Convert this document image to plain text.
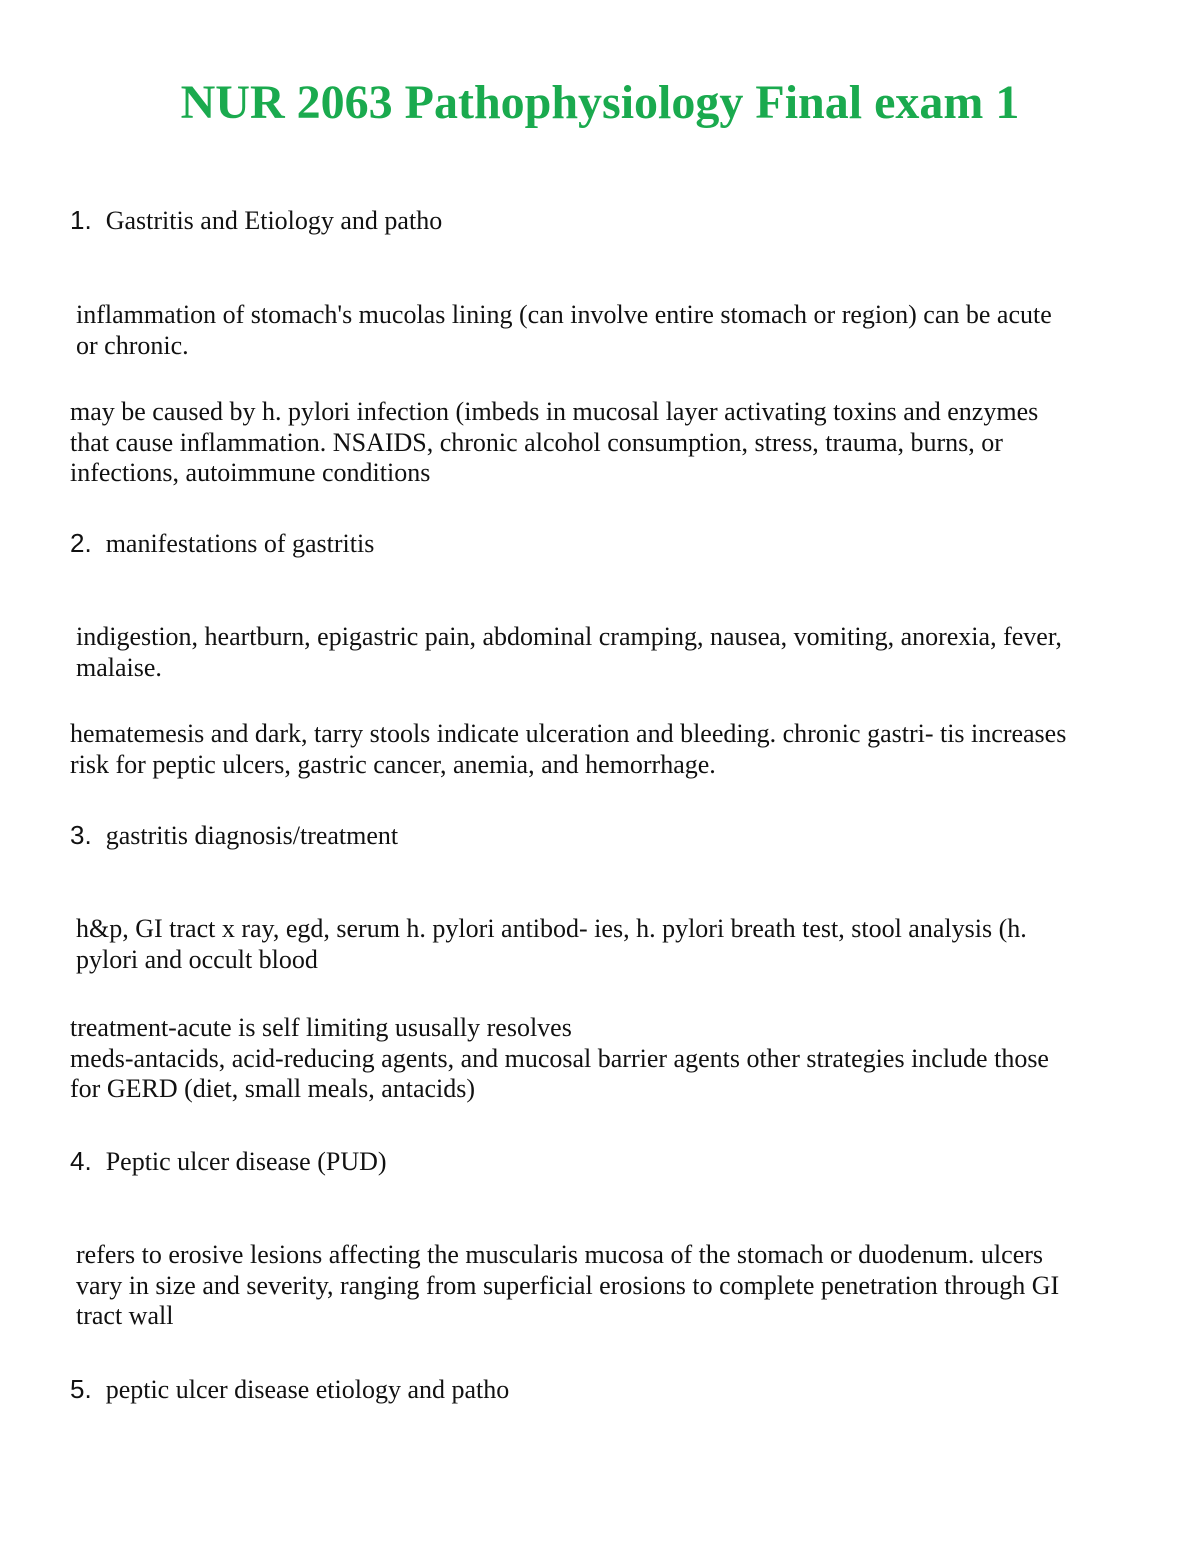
NUR 2063 Pathophysiology Final exam 1
1. Gastritis and Etiology and patho

inflammation of stomach's mucolas lining (can involve entire stomach or region) can be acute
or chronic.

may be caused by h. pylori infection (imbeds in mucosal layer activating toxins and enzymes
that cause inflammation. NSAIDS, chronic alcohol consumption, stress, trauma, burns, or
infections, autoimmune conditions

2. manifestations of gastritis

indigestion, heartburn, epigastric pain, abdominal cramping, nausea, vomiting, anorexia, fever,
malaise.

hematemesis and dark, tarry stools indicate ulceration and bleeding. chronic gastri- tis increases
risk for peptic ulcers, gastric cancer, anemia, and hemorrhage.

3. gastritis diagnosis/treatment

h&p, GI tract x ray, egd, serum h. pylori antibod- ies, h. pylori breath test, stool analysis (h.
pylori and occult blood

treatment-acute is self limiting ususally resolves
meds-antacids, acid-reducing agents, and mucosal barrier agents other strategies include those
for GERD (diet, small meals, antacids)

4. Peptic ulcer disease (PUD)

refers to erosive lesions affecting the muscularis mucosa of the stomach or duodenum. ulcers
vary in size and severity, ranging from superficial erosions to complete penetration through GI
tract wall

5. peptic ulcer disease etiology and patho
